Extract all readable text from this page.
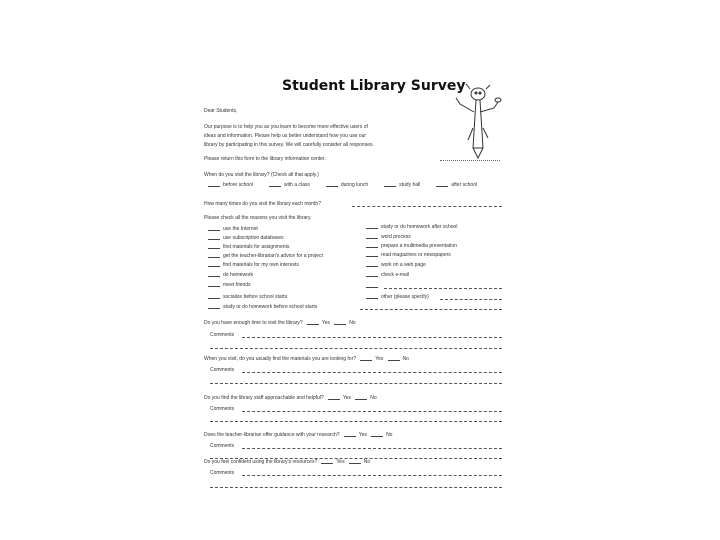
Student Library Survey
Dear Students,
Our purpose is to help you as you learn to become more effective users of
ideas and information. Please help us better understand how you use our
library by participating in this survey. We will carefully consider all responses.
Please return this form to the library information center.
When do you visit the library? (Check all that apply.)
before school	with a class	during lunch	study hall	after school
How many times do you visit the library each month?
Please check all the reasons you visit the library.
use the Internet
use subscription databases
find materials for assignments
get the teacher-librarian's advice for a project
find materials for my own interests
do homework
meet friends
socialize before school starts
study or do homework before school starts
study or do homework after school
word process
prepare a multimedia presentation
read magazines or newspapers
work on a web page
check e-mail
other (please specify)
Do you have enough time to visit the library?	Yes	No
Comments
When you visit, do you usually find the materials you are looking for?	Yes	No
Comments
Do you find the library staff approachable and helpful?	Yes	No
Comments
Does the teacher-librarian offer guidance with your research?	Yes	No
Comments
Do you feel confident using the library's resources?	Yes	No
Comments
